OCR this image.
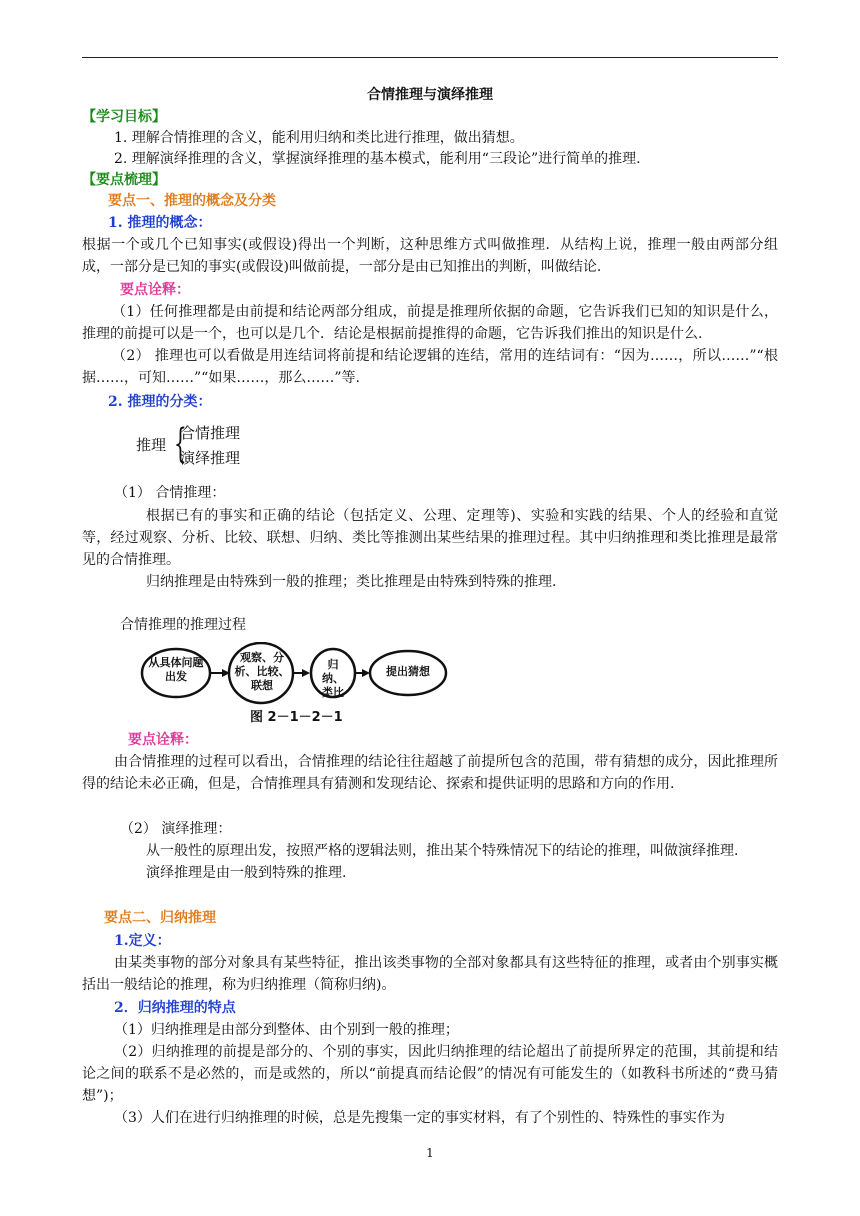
合情推理与演绎推理
【学习目标】
1. 理解合情推理的含义，能利用归纳和类比进行推理，做出猜想。
2. 理解演绎推理的含义，掌握演绎推理的基本模式，能利用“三段论”进行简单的推理.
【要点梳理】
要点一、推理的概念及分类
1. 推理的概念：
根据一个或几个已知事实(或假设)得出一个判断，这种思维方式叫做推理．从结构上说，推理一般由两部分组成，一部分是已知的事实(或假设)叫做前提，一部分是由已知推出的判断，叫做结论.
要点诠释：
（1）任何推理都是由前提和结论两部分组成，前提是推理所依据的命题，它告诉我们已知的知识是什么，推理的前提可以是一个，也可以是几个．结论是根据前提推得的命题，它告诉我们推出的知识是什么.
（2） 推理也可以看做是用连结词将前提和结论逻辑的连结，常用的连结词有：“因为……，所以……”“根据……，可知……”“如果……，那么……”等.
2. 推理的分类：
推理 {
合情推理
演绎推理
（1） 合情推理：
根据已有的事实和正确的结论（包括定义、公理、定理等)、实验和实践的结果、个人的经验和直觉等，经过观察、分析、比较、联想、归纳、类比等推测出某些结果的推理过程。其中归纳推理和类比推理是最常见的合情推理。
归纳推理是由特殊到一般的推理；类比推理是由特殊到特殊的推理.
合情推理的推理过程
从具体问题出发
观察、分析、比较、联想
归纳、类比
提出猜想
图 2－1－2－1
要点诠释：
由合情推理的过程可以看出，合情推理的结论往往超越了前提所包含的范围，带有猜想的成分，因此推理所得的结论未必正确，但是，合情推理具有猜测和发现结论、探索和提供证明的思路和方向的作用.
（2） 演绎推理：
从一般性的原理出发，按照严格的逻辑法则，推出某个特殊情况下的结论的推理，叫做演绎推理.
演绎推理是由一般到特殊的推理.
要点二、归纳推理
1.定义：
由某类事物的部分对象具有某些特征，推出该类事物的全部对象都具有这些特征的推理，或者由个别事实概括出一般结论的推理，称为归纳推理（简称归纳)。
2．归纳推理的特点
（1）归纳推理是由部分到整体、由个别到一般的推理；
（2）归纳推理的前提是部分的、个别的事实，因此归纳推理的结论超出了前提所界定的范围，其前提和结论之间的联系不是必然的，而是或然的，所以“前提真而结论假”的情况有可能发生的（如教科书所述的“费马猜想”)；
（3）人们在进行归纳推理的时候，总是先搜集一定的事实材料，有了个别性的、特殊性的事实作为
1
